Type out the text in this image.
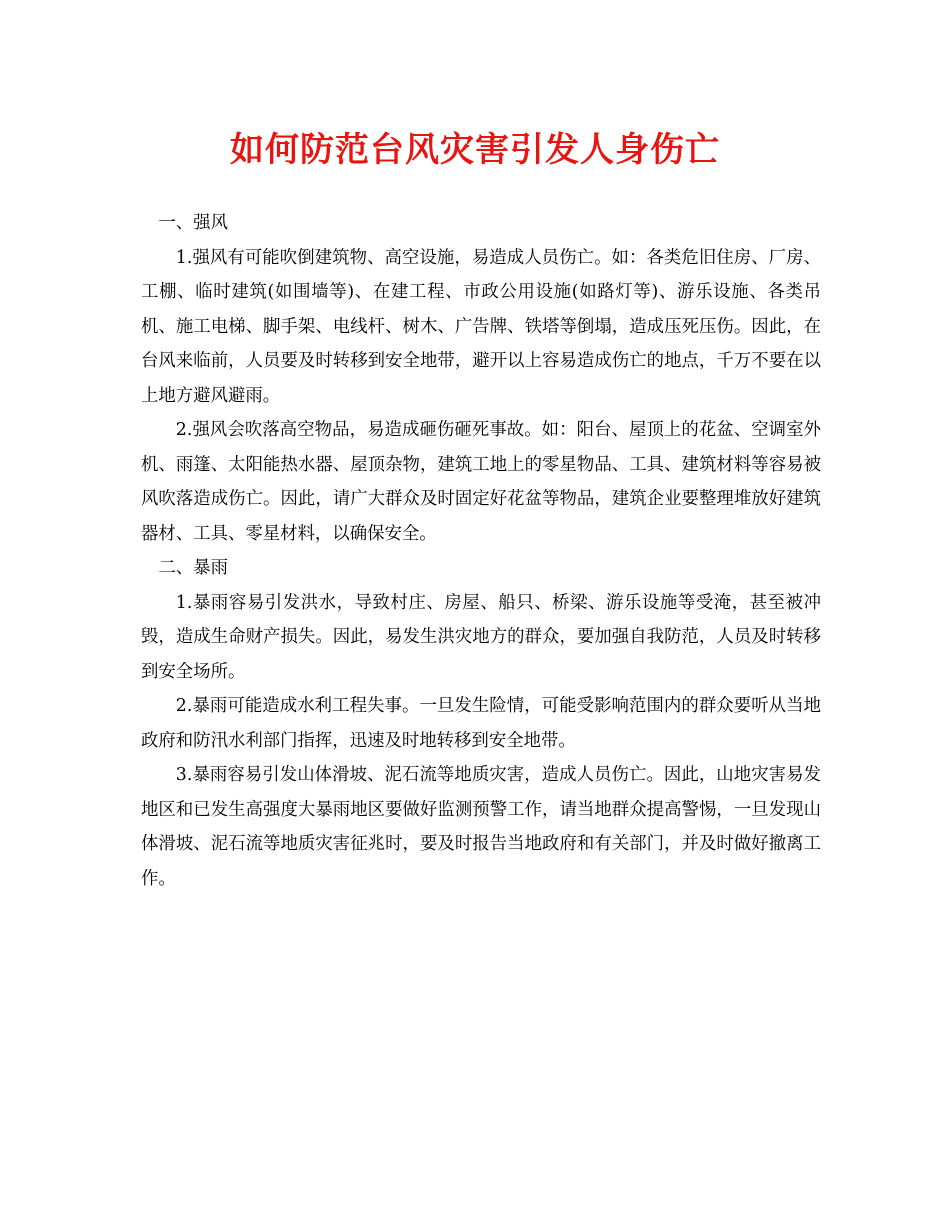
如何防范台风灾害引发人身伤亡

一、强风

1.强风有可能吹倒建筑物、高空设施，易造成人员伤亡。如：各类危旧住房、厂房、工棚、临时建筑(如围墙等)、在建工程、市政公用设施(如路灯等)、游乐设施、各类吊机、施工电梯、脚手架、电线杆、树木、广告牌、铁塔等倒塌，造成压死压伤。因此，在台风来临前，人员要及时转移到安全地带，避开以上容易造成伤亡的地点，千万不要在以上地方避风避雨。

2.强风会吹落高空物品，易造成砸伤砸死事故。如：阳台、屋顶上的花盆、空调室外机、雨篷、太阳能热水器、屋顶杂物，建筑工地上的零星物品、工具、建筑材料等容易被风吹落造成伤亡。因此，请广大群众及时固定好花盆等物品，建筑企业要整理堆放好建筑器材、工具、零星材料，以确保安全。

二、暴雨

1.暴雨容易引发洪水，导致村庄、房屋、船只、桥梁、游乐设施等受淹，甚至被冲毁，造成生命财产损失。因此，易发生洪灾地方的群众，要加强自我防范，人员及时转移到安全场所。

2.暴雨可能造成水利工程失事。一旦发生险情，可能受影响范围内的群众要听从当地政府和防汛水利部门指挥，迅速及时地转移到安全地带。

3.暴雨容易引发山体滑坡、泥石流等地质灾害，造成人员伤亡。因此，山地灾害易发地区和已发生高强度大暴雨地区要做好监测预警工作，请当地群众提高警惕，一旦发现山体滑坡、泥石流等地质灾害征兆时，要及时报告当地政府和有关部门，并及时做好撤离工作。
